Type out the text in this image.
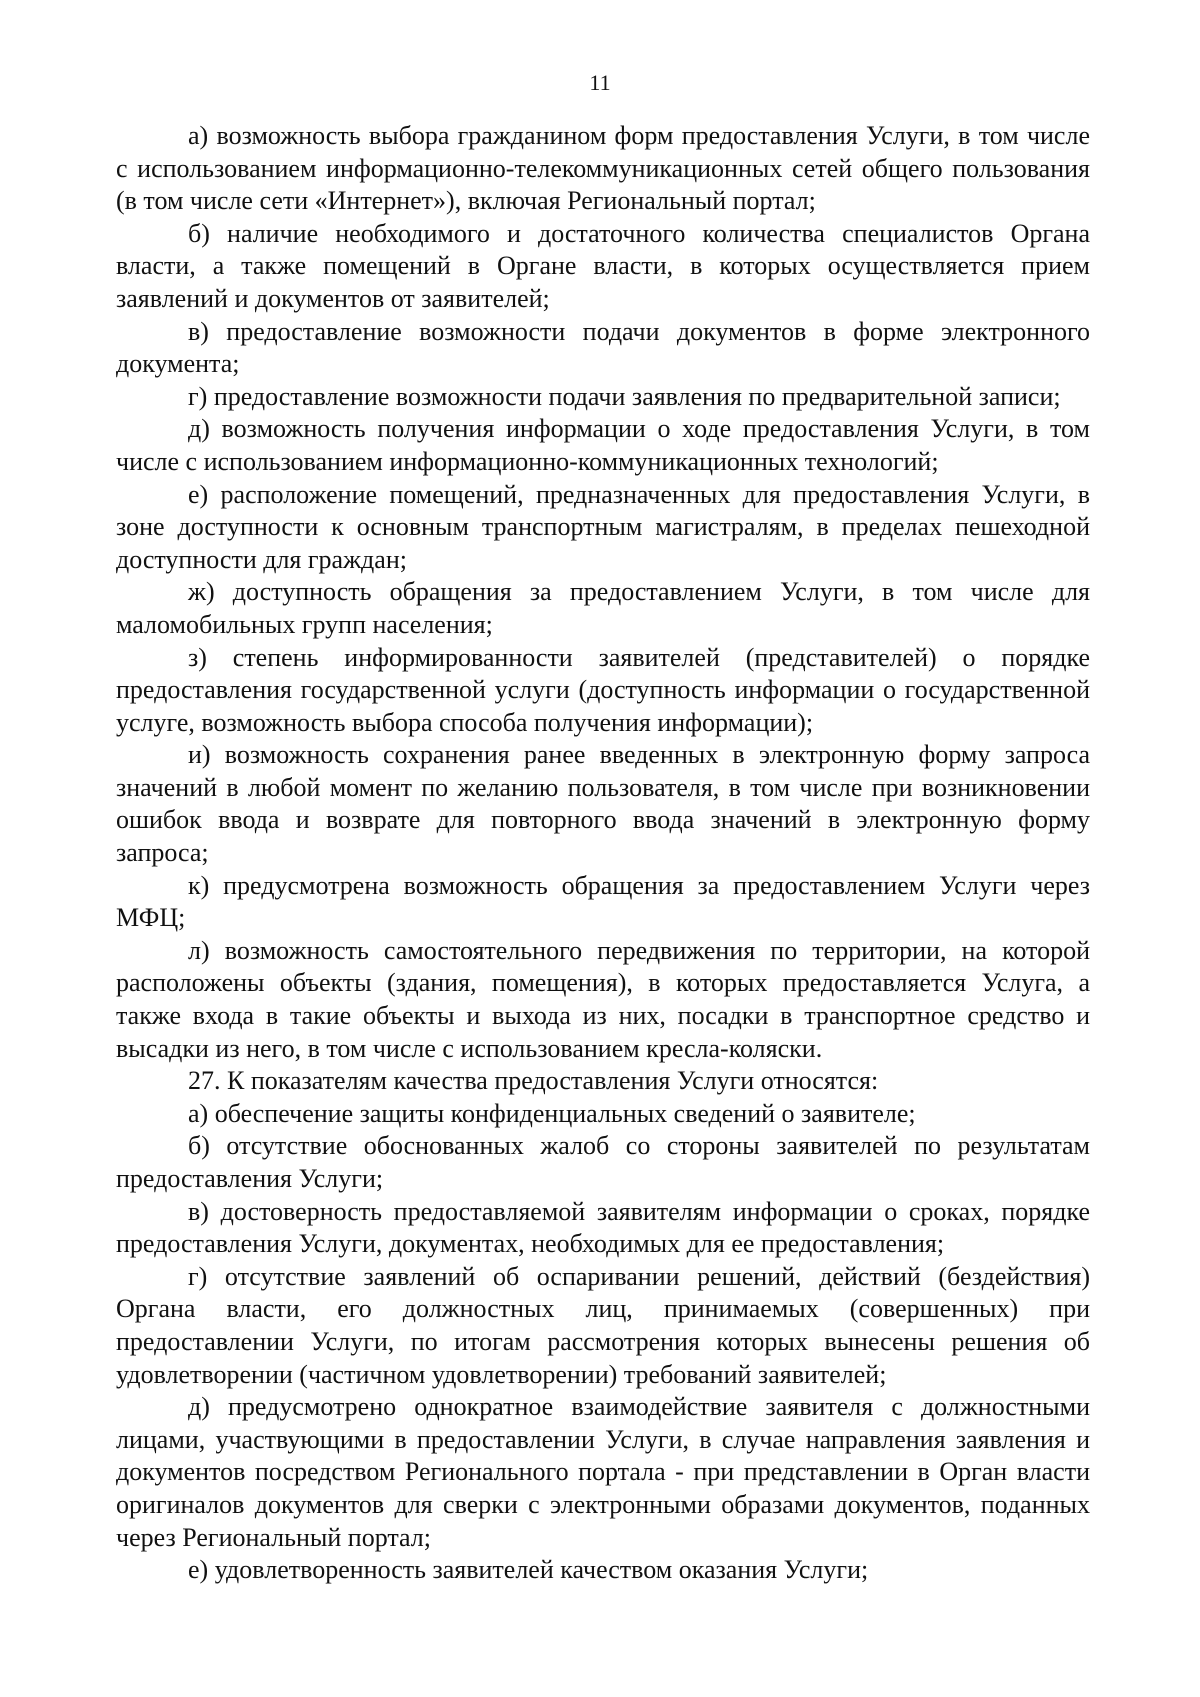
11

а) возможность выбора гражданином форм предоставления Услуги, в том числе с использованием информационно-телекоммуникационных сетей общего пользования (в том числе сети «Интернет»), включая Региональный портал;

б) наличие необходимого и достаточного количества специалистов Органа власти, а также помещений в Органе власти, в которых осуществляется прием заявлений и документов от заявителей;

в) предоставление возможности подачи документов в форме электронного документа;

г) предоставление возможности подачи заявления по предварительной записи;

д) возможность получения информации о ходе предоставления Услуги, в том числе с использованием информационно-коммуникационных технологий;

е) расположение помещений, предназначенных для предоставления Услуги, в зоне доступности к основным транспортным магистралям, в пределах пешеходной доступности для граждан;

ж) доступность обращения за предоставлением Услуги, в том числе для маломобильных групп населения;

з) степень информированности заявителей (представителей) о порядке предоставления государственной услуги (доступность информации о государственной услуге, возможность выбора способа получения информации);

и) возможность сохранения ранее введенных в электронную форму запроса значений в любой момент по желанию пользователя, в том числе при возникновении ошибок ввода и возврате для повторного ввода значений в электронную форму запроса;

к) предусмотрена возможность обращения за предоставлением Услуги через МФЦ;

л) возможность самостоятельного передвижения по территории, на которой расположены объекты (здания, помещения), в которых предоставляется Услуга, а также входа в такие объекты и выхода из них, посадки в транспортное средство и высадки из него, в том числе с использованием кресла-коляски.

27. К показателям качества предоставления Услуги относятся:

а) обеспечение защиты конфиденциальных сведений о заявителе;

б) отсутствие обоснованных жалоб со стороны заявителей по результатам предоставления Услуги;

в) достоверность предоставляемой заявителям информации о сроках, порядке предоставления Услуги, документах, необходимых для ее предоставления;

г) отсутствие заявлений об оспаривании решений, действий (бездействия) Органа власти, его должностных лиц, принимаемых (совершенных) при предоставлении Услуги, по итогам рассмотрения которых вынесены решения об удовлетворении (частичном удовлетворении) требований заявителей;

д) предусмотрено однократное взаимодействие заявителя с должностными лицами, участвующими в предоставлении Услуги, в случае направления заявления и документов посредством Регионального портала - при представлении в Орган власти оригиналов документов для сверки с электронными образами документов, поданных через Региональный портал;

е) удовлетворенность заявителей качеством оказания Услуги;
